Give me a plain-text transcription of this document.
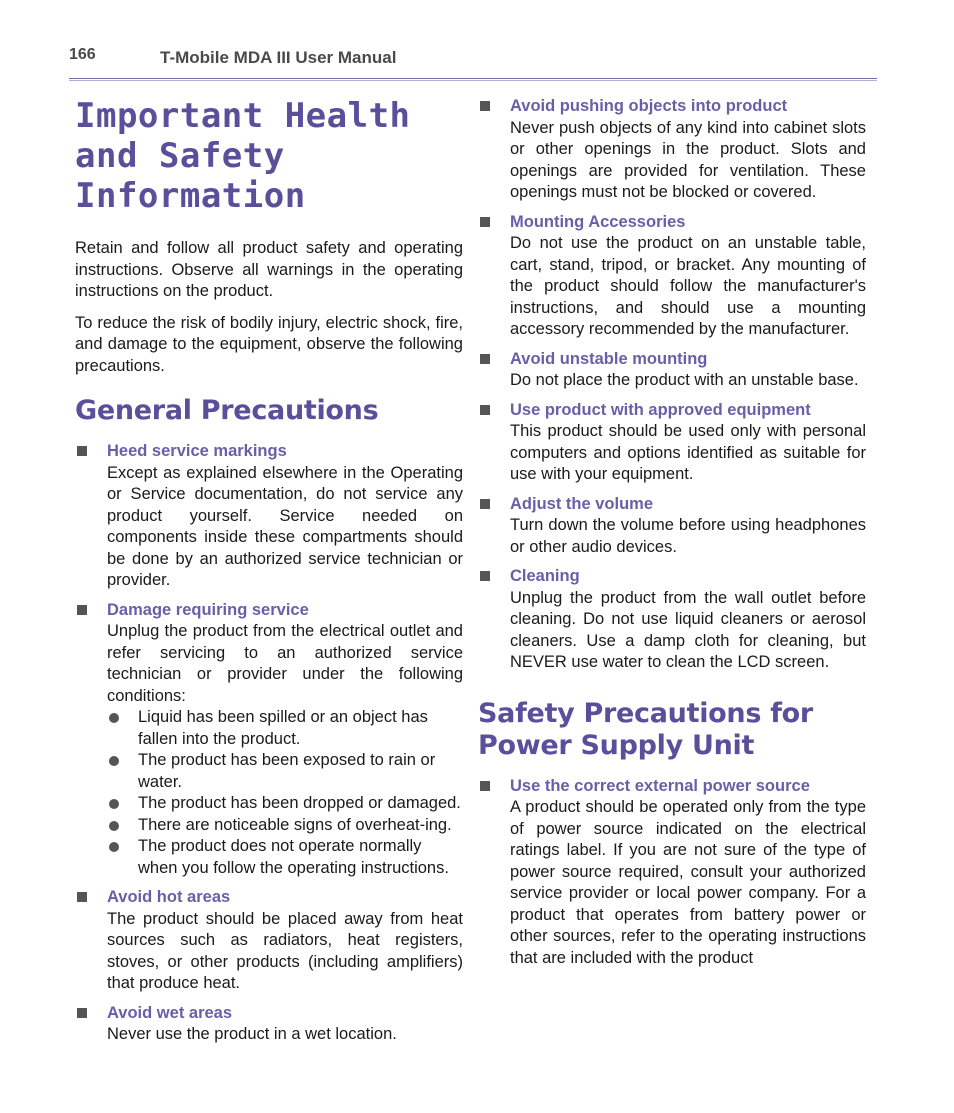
166	T-Mobile MDA III User Manual
Important Health and Safety Information

Retain and follow all product safety and operating instructions. Observe all warnings in the operating instructions on the product.

To reduce the risk of bodily injury, electric shock, fire, and damage to the equipment, observe the following precautions.

General Precautions
Heed service markings
Except as explained elsewhere in the Operating or Service documentation, do not service any product yourself. Service needed on components inside these compartments should be done by an authorized service technician or provider.
Damage requiring service
Unplug the product from the electrical outlet and refer servicing to an authorized service technician or provider under the following conditions:
Liquid has been spilled or an object has fallen into the product.
The product has been exposed to rain or water.
The product has been dropped or damaged.
There are noticeable signs of overheat-ing.
The product does not operate normally when you follow the operating instructions.
Avoid hot areas
The product should be placed away from heat sources such as radiators, heat registers, stoves, or other products (including amplifiers) that produce heat.
Avoid wet areas
Never use the product in a wet location.
Avoid pushing objects into product
Never push objects of any kind into cabinet slots or other openings in the product. Slots and openings are provided for ventilation. These openings must not be blocked or covered.
Mounting Accessories
Do not use the product on an unstable table, cart, stand, tripod, or bracket. Any mounting of the product should follow the manufacturer's instructions, and should use a mounting accessory recommended by the manufacturer.
Avoid unstable mounting
Do not place the product with an unstable base.
Use product with approved equipment
This product should be used only with personal computers and options identified as suitable for use with your equipment.
Adjust the volume
Turn down the volume before using headphones or other audio devices.
Cleaning
Unplug the product from the wall outlet before cleaning. Do not use liquid cleaners or aerosol cleaners. Use a damp cloth for cleaning, but NEVER use water to clean the LCD screen.
Safety Precautions for Power Supply Unit
Use the correct external power source
A product should be operated only from the type of power source indicated on the electrical ratings label. If you are not sure of the type of power source required, consult your authorized service provider or local power company. For a product that operates from battery power or other sources, refer to the operating instructions that are included with the product
